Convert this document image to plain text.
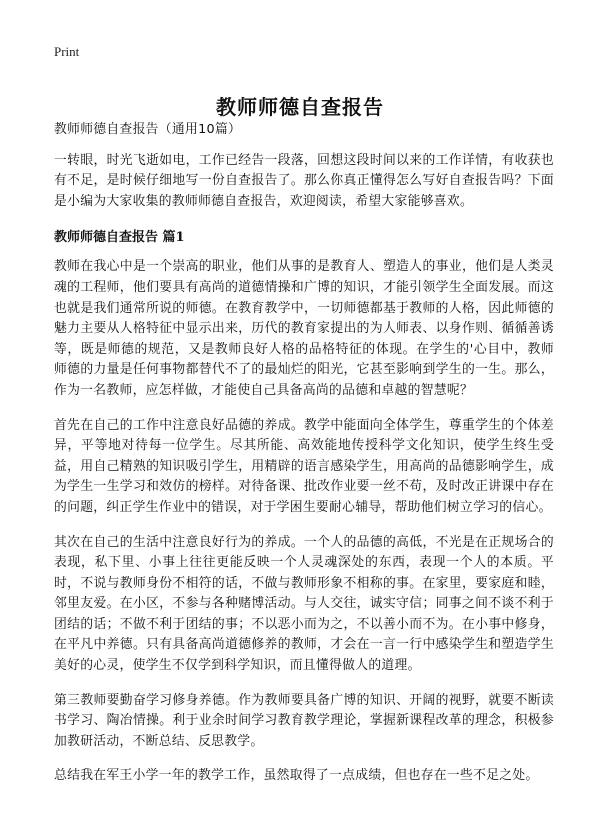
Print
教师师德自查报告

教师师德自查报告（通用10篇）

一转眼，时光飞逝如电，工作已经告一段落，回想这段时间以来的工作详情，有收获也有不足，是时候仔细地写一份自查报告了。那么你真正懂得怎么写好自查报告吗？下面是小编为大家收集的教师师德自查报告，欢迎阅读，希望大家能够喜欢。

教师师德自查报告 篇1

教师在我心中是一个崇高的职业，他们从事的是教育人、塑造人的事业，他们是人类灵魂的工程师，他们要具有高尚的道德情操和广博的知识，才能引领学生全面发展。而这也就是我们通常所说的师德。在教育教学中，一切师德都基于教师的人格，因此师德的魅力主要从人格特征中显示出来，历代的教育家提出的为人师表、以身作则、循循善诱等，既是师德的规范，又是教师良好人格的品格特征的体现。在学生的'心目中，教师师德的力量是任何事物都替代不了的最灿烂的阳光，它甚至影响到学生的一生。那么，作为一名教师，应怎样做，才能使自己具备高尚的品德和卓越的智慧呢？

首先在自己的工作中注意良好品德的养成。教学中能面向全体学生，尊重学生的个体差异，平等地对待每一位学生。尽其所能、高效能地传授科学文化知识，使学生终生受益，用自己精熟的知识吸引学生，用精辟的语言感染学生，用高尚的品德影响学生，成为学生一生学习和效仿的榜样。对待备课、批改作业要一丝不苟，及时改正讲课中存在的问题，纠正学生作业中的错误，对于学困生要耐心辅导，帮助他们树立学习的信心。

其次在自己的生活中注意良好行为的养成。一个人的品德的高低，不光是在正规场合的表现，私下里、小事上往往更能反映一个人灵魂深处的东西，表现一个人的本质。平时，不说与教师身份不相符的话，不做与教师形象不相称的事。在家里，要家庭和睦，邻里友爱。在小区，不参与各种赌博活动。与人交往，诚实守信；同事之间不谈不利于团结的话；不做不利于团结的事；不以恶小而为之，不以善小而不为。在小事中修身，在平凡中养德。只有具备高尚道德修养的教师，才会在一言一行中感染学生和塑造学生美好的心灵，使学生不仅学到科学知识，而且懂得做人的道理。

第三教师要勤奋学习修身养德。作为教师要具备广博的知识、开阔的视野，就要不断读书学习、陶冶情操。利于业余时间学习教育教学理论，掌握新课程改革的理念，积极参加教研活动，不断总结、反思教学。

总结我在军王小学一年的教学工作，虽然取得了一点成绩，但也存在一些不足之处。
